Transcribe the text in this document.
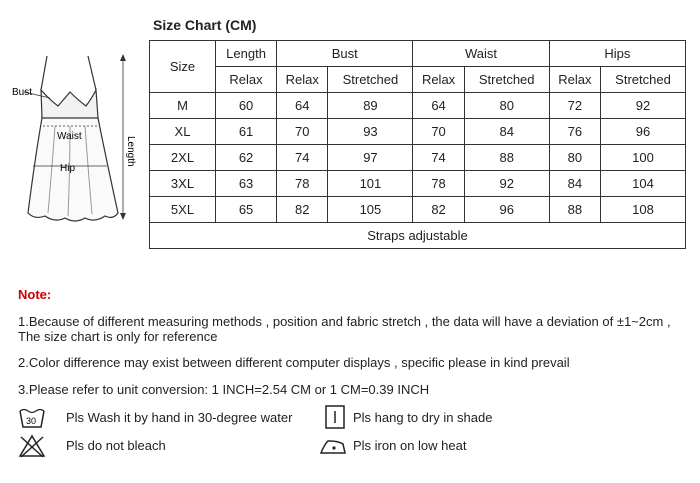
Size Chart (CM)
Length
Bust
Waist
Hip
Size	Length	Bust		Waist		Hips	
	Relax	Relax	Stretched	Relax	Stretched	Relax	Stretched
M	60	64	89	64	80	72	92
XL	61	70	93	70	84	76	96
2XL	62	74	97	74	88	80	100
3XL	63	78	101	78	92	84	104
5XL	65	82	105	82	96	88	108
Straps adjustable							
Note:
1.Because of different measuring methods , position and fabric stretch , the data will have a deviation of ±1~2cm ,
The size chart is only for reference
2.Color difference may exist between different computer displays , specific please in kind prevail
3.Please refer to unit conversion: 1 INCH=2.54 CM or 1 CM=0.39 INCH
30 Pls Wash it by hand in 30-degree water	Pls hang to dry in shade
Pls do not bleach	Pls iron on low heat
